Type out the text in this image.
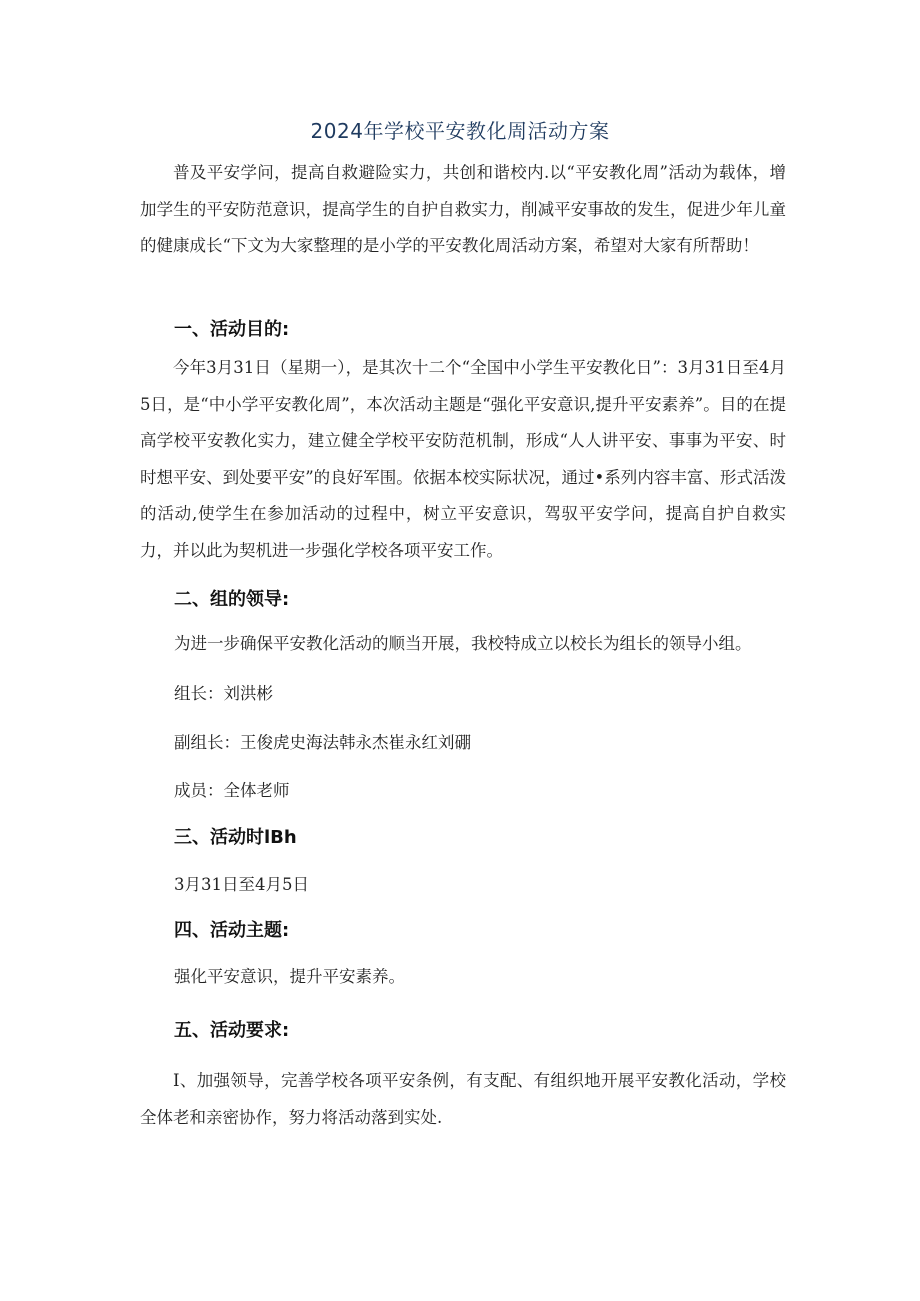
2024年学校平安教化周活动方案

普及平安学问，提高自救避险实力，共创和谐校内.以“平安教化周”活动为载体，增加学生的平安防范意识，提高学生的自护自救实力，削减平安事故的发生，促进少年儿童的健康成长“下文为大家整理的是小学的平安教化周活动方案，希望对大家有所帮助！

一、活动目的:

今年3月31日（星期一），是其次十二个“全国中小学生平安教化日”：3月31日至4月5日，是“中小学平安教化周”，本次活动主题是“强化平安意识,提升平安素养”。目的在提高学校平安教化实力，建立健全学校平安防范机制，形成“人人讲平安、事事为平安、时时想平安、到处要平安”的良好军围。依据本校实际状况，通过•系列内容丰富、形式活泼的活动,使学生在参加活动的过程中，树立平安意识，驾驭平安学问，提高自护自救实力，并以此为契机进一步强化学校各项平安工作。

二、组的领导:

为进一步确保平安教化活动的顺当开展，我校特成立以校长为组长的领导小组。

组长：刘洪彬

副组长：王俊虎史海法韩永杰崔永红刘硼

成员：全体老师

三、活动时lBh

3月31日至4月5日

四、活动主题:

强化平安意识，提升平安素养。

五、活动要求:

I、加强领导，完善学校各项平安条例，有支配、有组织地开展平安教化活动，学校全体老和亲密协作，努力将活动落到实处.
